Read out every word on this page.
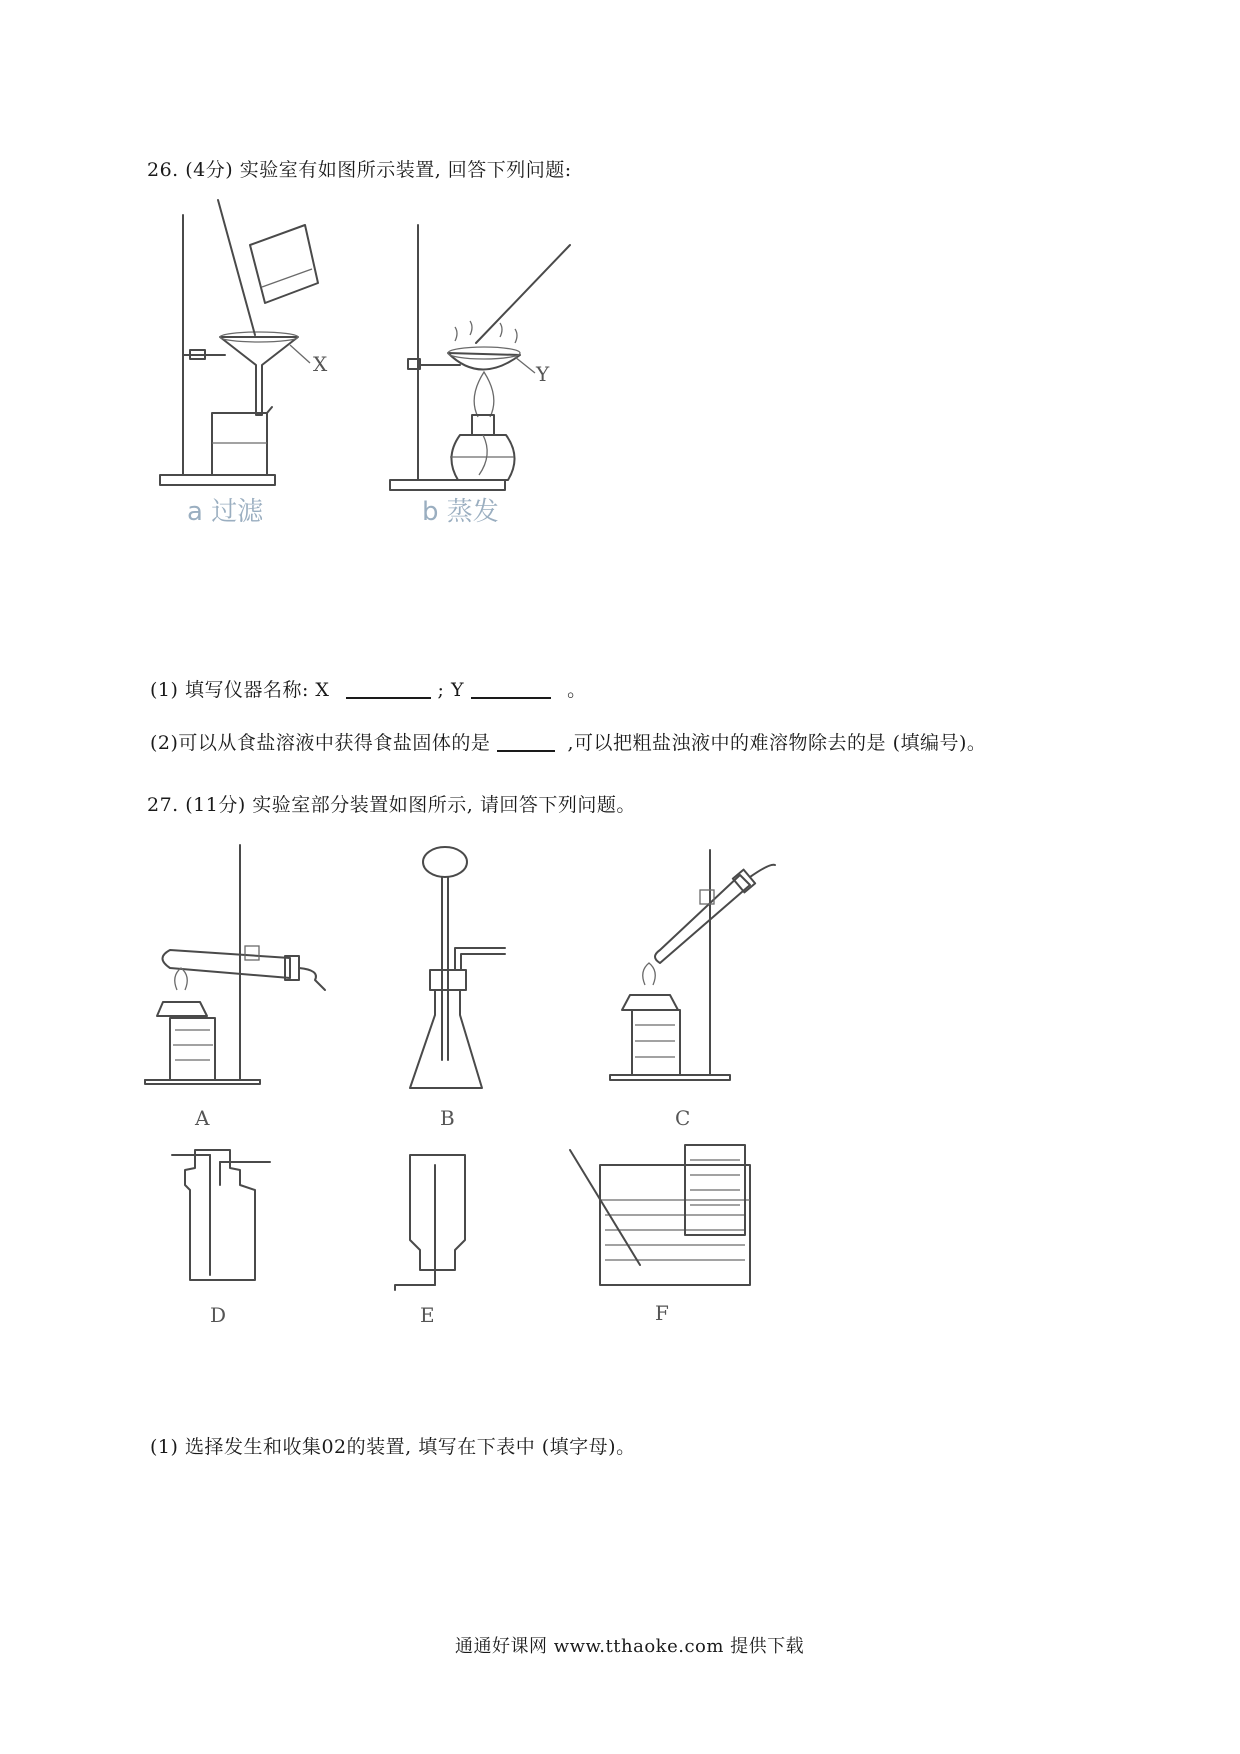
26. (4分) 实验室有如图所示装置, 回答下列问题:
X
a 过滤
Y
b 蒸发
(1) 填写仪器名称: X	; Y	。
(2)可以从食盐溶液中获得食盐固体的是	,可以把粗盐浊液中的难溶物除去的是 (填编号)。
27. (11分) 实验室部分装置如图所示, 请回答下列问题。
A	B	C
D	E	F
(1) 选择发生和收集02的装置, 填写在下表中 (填字母)。
通通好课网 www.tthaoke.com 提供下载
